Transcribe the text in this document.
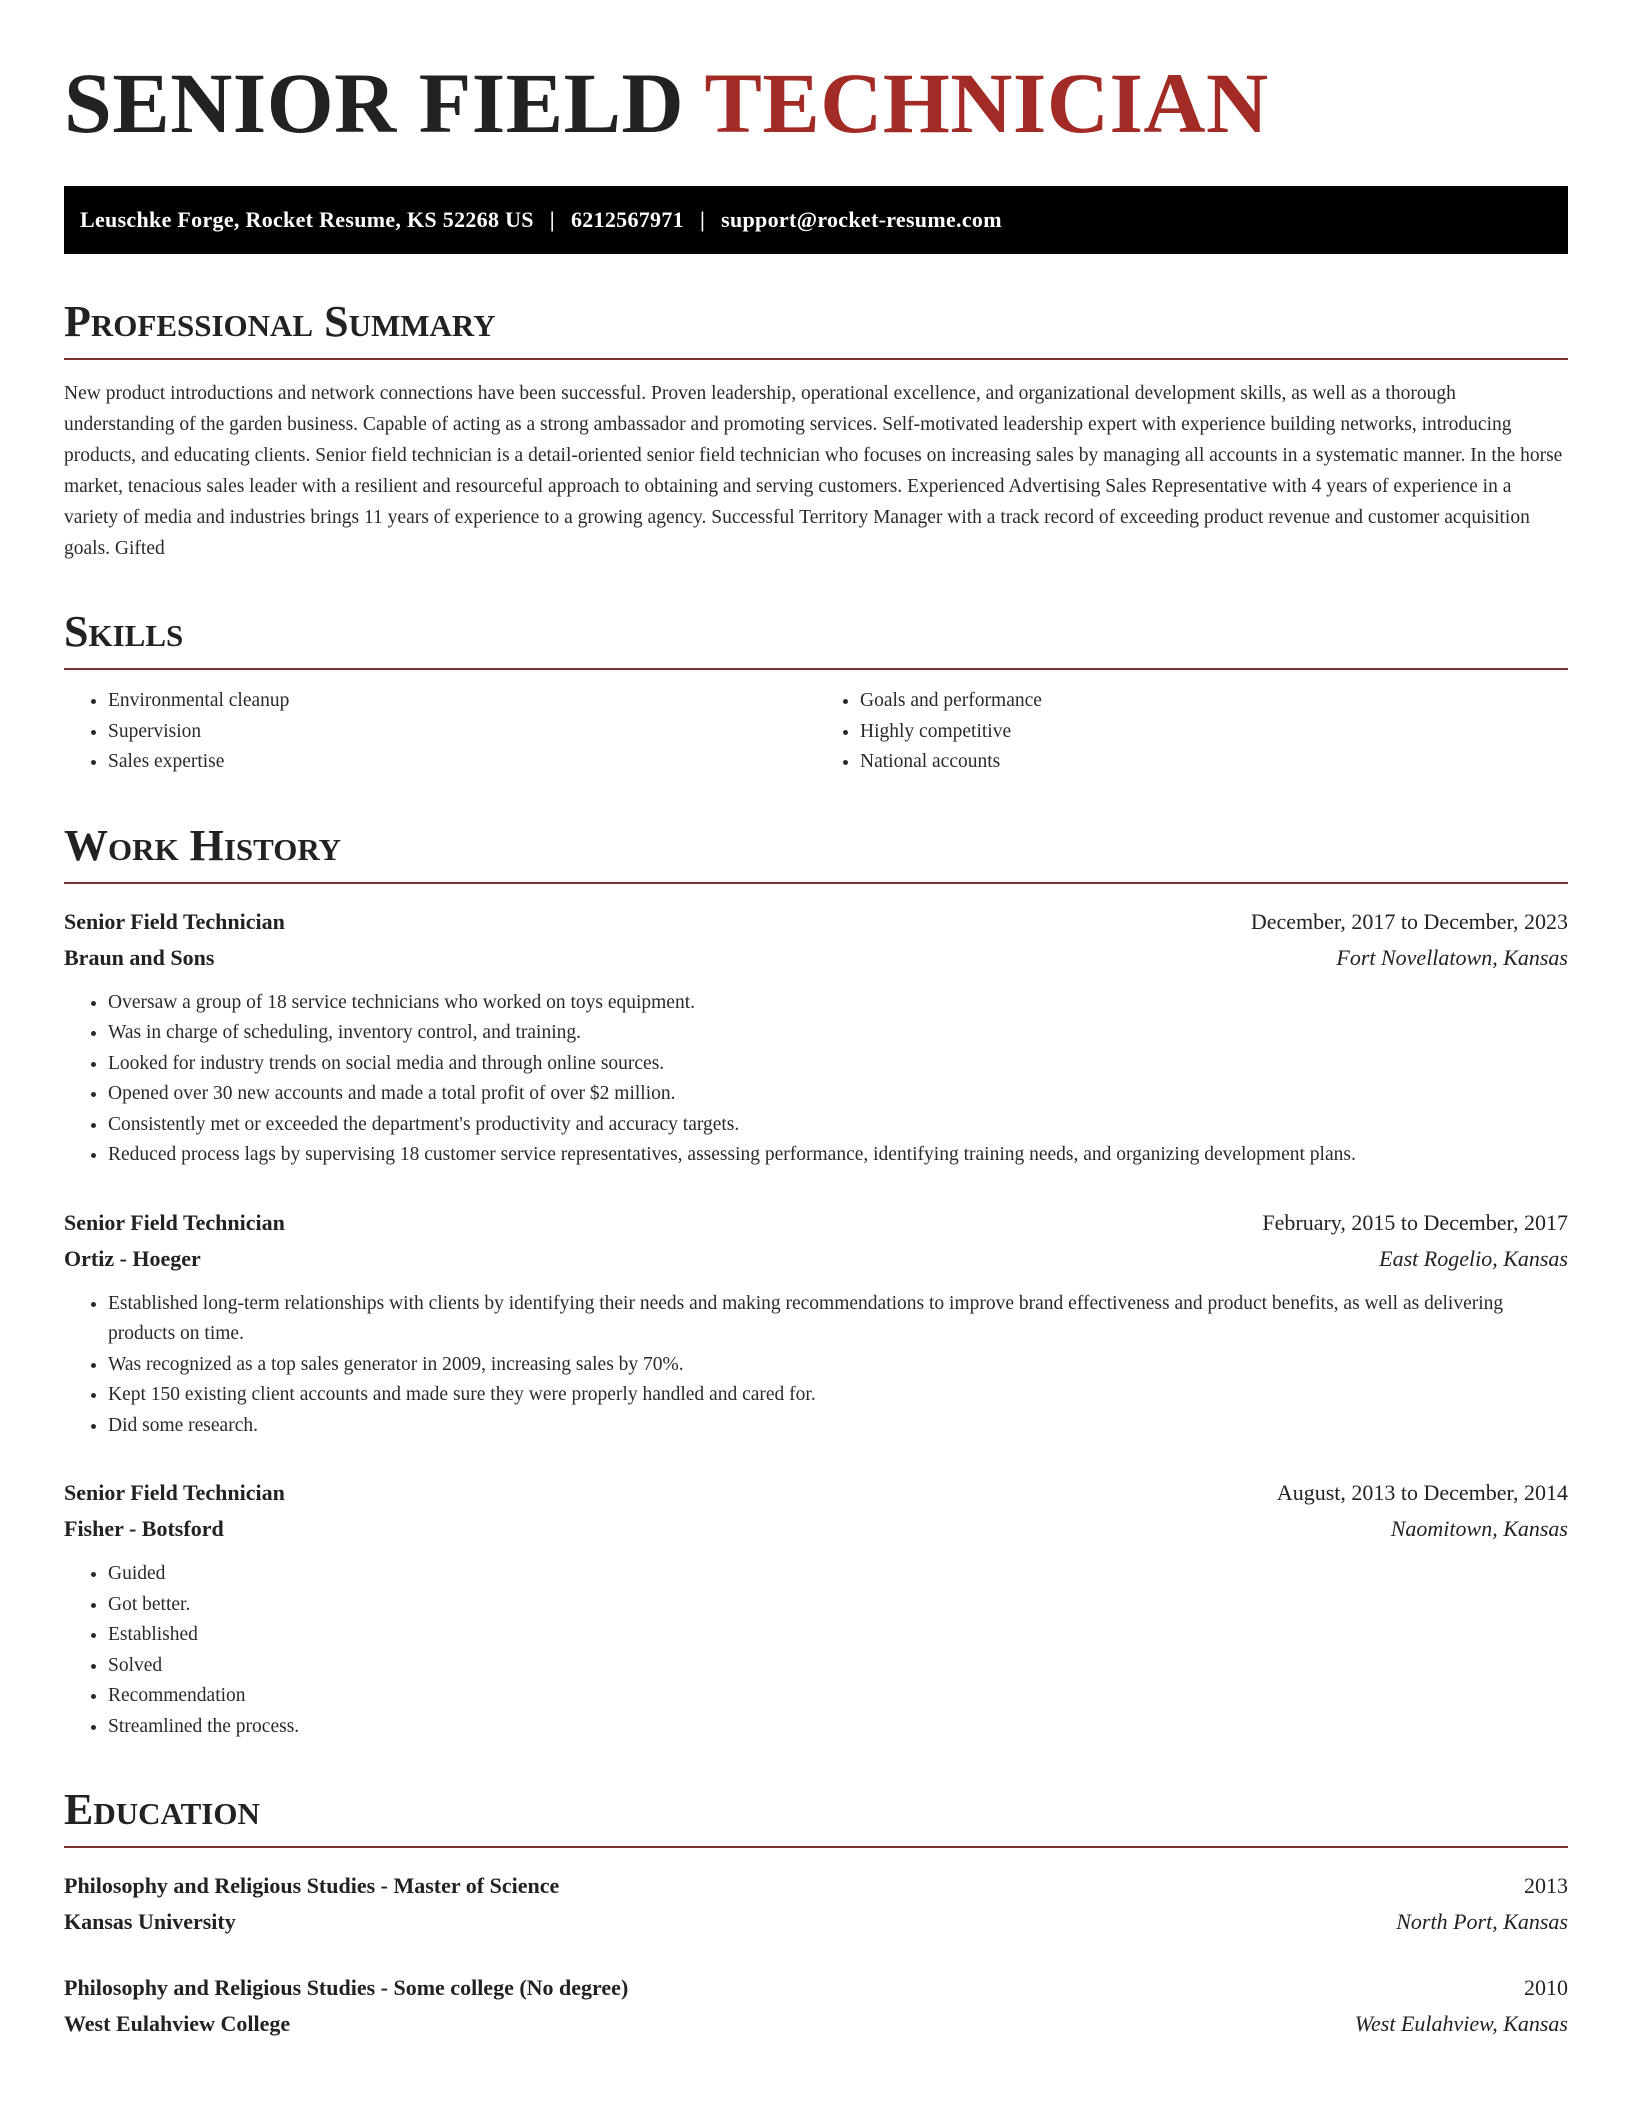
SENIOR FIELD TECHNICIAN
Leuschke Forge, Rocket Resume, KS 52268 US | 6212567971 | support@rocket-resume.com
Professional Summary

New product introductions and network connections have been successful. Proven leadership, operational excellence, and organizational development skills, as well as a thorough understanding of the garden business. Capable of acting as a strong ambassador and promoting services. Self-motivated leadership expert with experience building networks, introducing products, and educating clients. Senior field technician is a detail-oriented senior field technician who focuses on increasing sales by managing all accounts in a systematic manner. In the horse market, tenacious sales leader with a resilient and resourceful approach to obtaining and serving customers. Experienced Advertising Sales Representative with 4 years of experience in a variety of media and industries brings 11 years of experience to a growing agency. Successful Territory Manager with a track record of exceeding product revenue and customer acquisition goals. Gifted

Skills
• Environmental cleanup
• Supervision
• Sales expertise
• Goals and performance
• Highly competitive
• National accounts
Work History
Senior Field Technician	December, 2017 to December, 2023
Braun and Sons	Fort Novellatown, Kansas
• Oversaw a group of 18 service technicians who worked on toys equipment.
• Was in charge of scheduling, inventory control, and training.
• Looked for industry trends on social media and through online sources.
• Opened over 30 new accounts and made a total profit of over $2 million.
• Consistently met or exceeded the department's productivity and accuracy targets.
• Reduced process lags by supervising 18 customer service representatives, assessing performance, identifying training needs, and organizing development plans.
Senior Field Technician	February, 2015 to December, 2017
Ortiz - Hoeger	East Rogelio, Kansas
• Established long-term relationships with clients by identifying their needs and making recommendations to improve brand effectiveness and product benefits, as well as delivering products on time.
• Was recognized as a top sales generator in 2009, increasing sales by 70%.
• Kept 150 existing client accounts and made sure they were properly handled and cared for.
• Did some research.
Senior Field Technician	August, 2013 to December, 2014
Fisher - Botsford	Naomitown, Kansas
• Guided
• Got better.
• Established
• Solved
• Recommendation
• Streamlined the process.
Education
Philosophy and Religious Studies - Master of Science	2013
Kansas University	North Port, Kansas
Philosophy and Religious Studies - Some college (No degree)	2010
West Eulahview College	West Eulahview, Kansas
